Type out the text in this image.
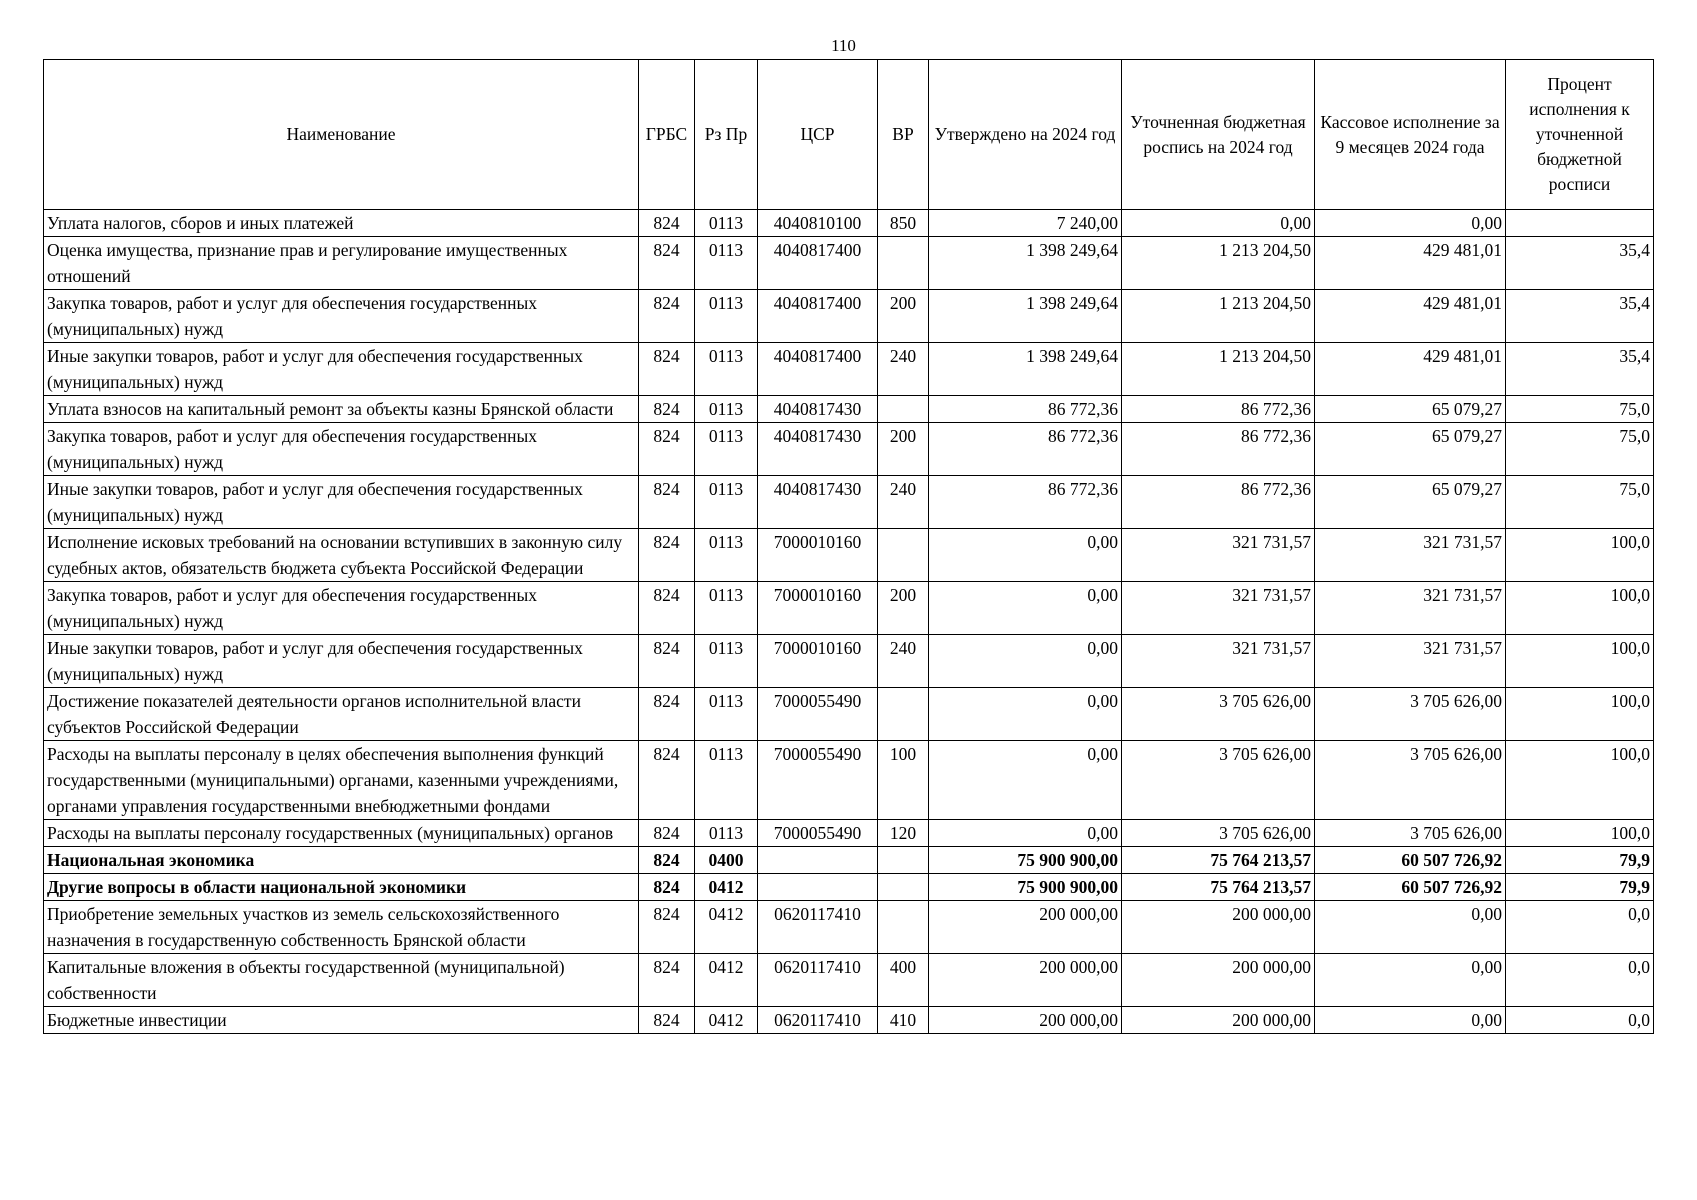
110
Наименование	ГРБС	Рз Пр	ЦСР	ВР	Утверждено на 2024 год	Уточненная бюджетная роспись на 2024 год	Кассовое исполнение за 9 месяцев 2024 года	Процент исполнения к уточненной бюджетной росписи
Уплата налогов, сборов и иных платежей	824	0113	4040810100	850	7 240,00	0,00	0,00	
Оценка имущества, признание прав и регулирование имущественных отношений	824	0113	4040817400		1 398 249,64	1 213 204,50	429 481,01	35,4
Закупка товаров, работ и услуг для обеспечения государственных (муниципальных) нужд	824	0113	4040817400	200	1 398 249,64	1 213 204,50	429 481,01	35,4
Иные закупки товаров, работ и услуг для обеспечения государственных (муниципальных) нужд	824	0113	4040817400	240	1 398 249,64	1 213 204,50	429 481,01	35,4
Уплата взносов на капитальный ремонт за объекты казны Брянской области	824	0113	4040817430		86 772,36	86 772,36	65 079,27	75,0
Закупка товаров, работ и услуг для обеспечения государственных (муниципальных) нужд	824	0113	4040817430	200	86 772,36	86 772,36	65 079,27	75,0
Иные закупки товаров, работ и услуг для обеспечения государственных (муниципальных) нужд	824	0113	4040817430	240	86 772,36	86 772,36	65 079,27	75,0
Исполнение исковых требований на основании вступивших в законную силу судебных актов, обязательств бюджета субъекта Российской Федерации	824	0113	7000010160		0,00	321 731,57	321 731,57	100,0
Закупка товаров, работ и услуг для обеспечения государственных (муниципальных) нужд	824	0113	7000010160	200	0,00	321 731,57	321 731,57	100,0
Иные закупки товаров, работ и услуг для обеспечения государственных (муниципальных) нужд	824	0113	7000010160	240	0,00	321 731,57	321 731,57	100,0
Достижение показателей деятельности органов исполнительной власти субъектов Российской Федерации	824	0113	7000055490		0,00	3 705 626,00	3 705 626,00	100,0
Расходы на выплаты персоналу в целях обеспечения выполнения функций государственными (муниципальными) органами, казенными учреждениями, органами управления государственными внебюджетными фондами	824	0113	7000055490	100	0,00	3 705 626,00	3 705 626,00	100,0
Расходы на выплаты персоналу государственных (муниципальных) органов	824	0113	7000055490	120	0,00	3 705 626,00	3 705 626,00	100,0
Национальная экономика	824	0400			75 900 900,00	75 764 213,57	60 507 726,92	79,9
Другие вопросы в области национальной экономики	824	0412			75 900 900,00	75 764 213,57	60 507 726,92	79,9
Приобретение земельных участков из земель сельскохозяйственного назначения в государственную собственность Брянской области	824	0412	0620117410		200 000,00	200 000,00	0,00	0,0
Капитальные вложения в объекты государственной (муниципальной) собственности	824	0412	0620117410	400	200 000,00	200 000,00	0,00	0,0
Бюджетные инвестиции	824	0412	0620117410	410	200 000,00	200 000,00	0,00	0,0
